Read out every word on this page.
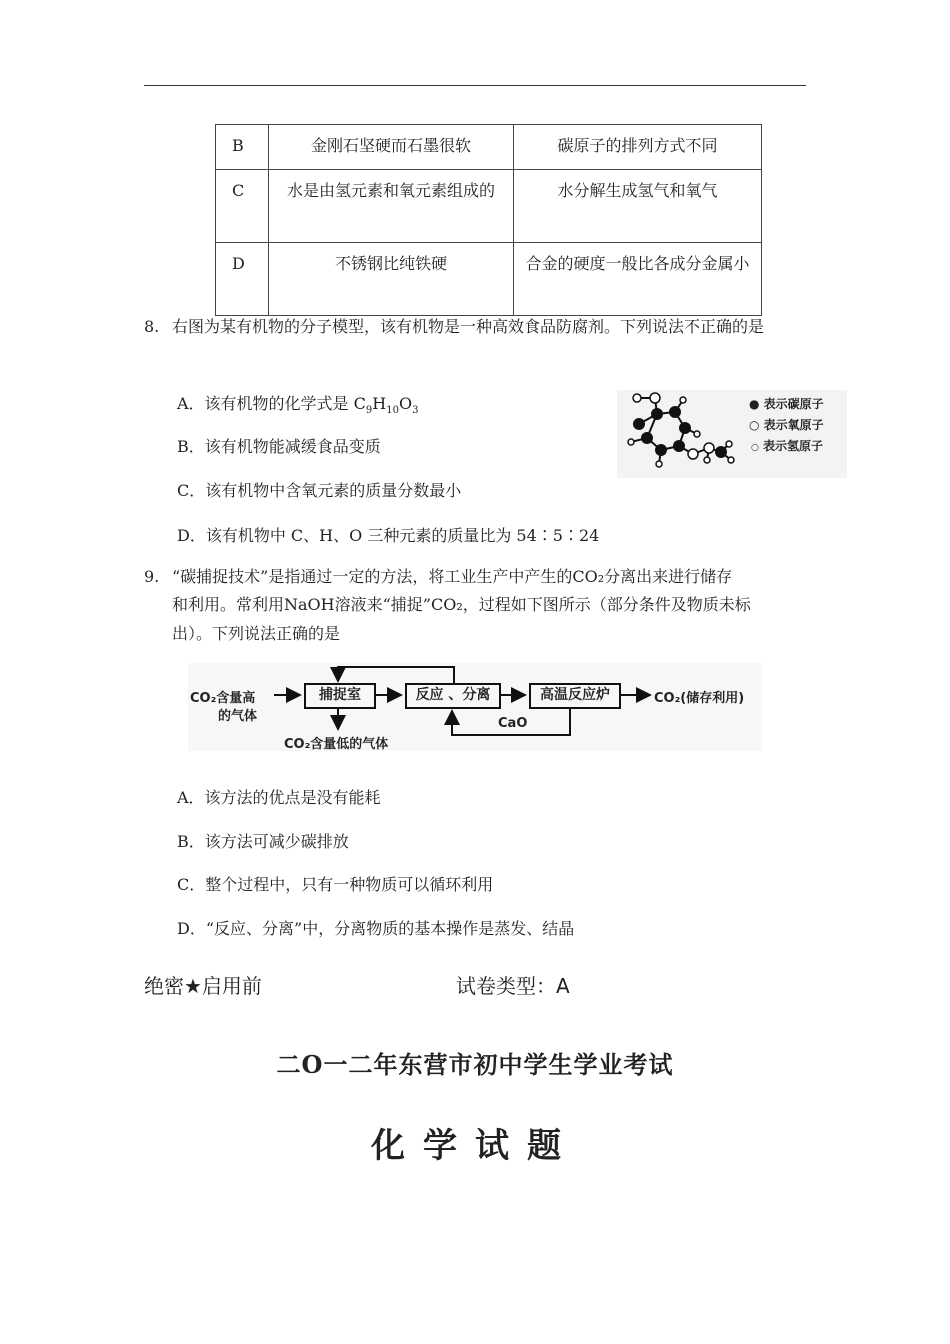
B	金刚石坚硬而石墨很软	碳原子的排列方式不同
C	水是由氢元素和氧元素组成的	水分解生成氢气和氧气
D	不锈钢比纯铁硬	合金的硬度一般比各成分金属小
8. 右图为某有机物的分子模型，该有机物是一种高效食品防腐剂。下列说法不正确的是
A．该有机物的化学式是 $C_9H_{10}O_3$
B．该有机物能减缓食品变质
C．该有机物中含氧元素的质量分数最小
D．该有机物中 C、H、O 三种元素的质量比为 54∶5∶24
● 表示碳原子
○ 表示氧原子
○ 表示氢原子
9. “碳捕捉技术”是指通过一定的方法，将工业生产中产生的CO₂分离出来进行储存
和利用。常利用NaOH溶液来“捕捉”CO₂，过程如下图所示（部分条件及物质未标
出）。下列说法正确的是
CO₂含量高
的气体
捕捉室	反应 、分离	高温反应炉	CO₂(储存利用)
CaO
CO₂含量低的气体
A．该方法的优点是没有能耗
B．该方法可减少碳排放
C．整个过程中，只有一种物质可以循环利用
D．“反应、分离”中，分离物质的基本操作是蒸发、结晶
绝密★启用前	试卷类型：A
二O一二年东营市初中学生学业考试
化学试题
